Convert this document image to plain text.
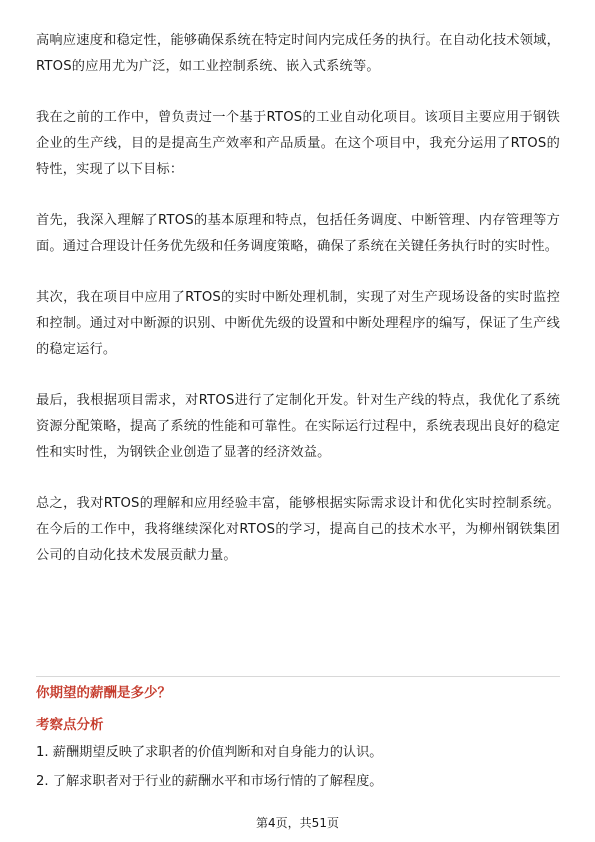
高响应速度和稳定性，能够确保系统在特定时间内完成任务的执行。在自动化技术领域，RTOS的应用尤为广泛，如工业控制系统、嵌入式系统等。

我在之前的工作中，曾负责过一个基于RTOS的工业自动化项目。该项目主要应用于钢铁企业的生产线，目的是提高生产效率和产品质量。在这个项目中，我充分运用了RTOS的特性，实现了以下目标：

首先，我深入理解了RTOS的基本原理和特点，包括任务调度、中断管理、内存管理等方面。通过合理设计任务优先级和任务调度策略，确保了系统在关键任务执行时的实时性。

其次，我在项目中应用了RTOS的实时中断处理机制，实现了对生产现场设备的实时监控和控制。通过对中断源的识别、中断优先级的设置和中断处理程序的编写，保证了生产线的稳定运行。

最后，我根据项目需求，对RTOS进行了定制化开发。针对生产线的特点，我优化了系统资源分配策略，提高了系统的性能和可靠性。在实际运行过程中，系统表现出良好的稳定性和实时性，为钢铁企业创造了显著的经济效益。

总之，我对RTOS的理解和应用经验丰富，能够根据实际需求设计和优化实时控制系统。在今后的工作中，我将继续深化对RTOS的学习，提高自己的技术水平，为柳州钢铁集团公司的自动化技术发展贡献力量。

你期望的薪酬是多少？
考察点分析
1. 薪酬期望反映了求职者的价值判断和对自身能力的认识。
2. 了解求职者对于行业的薪酬水平和市场行情的了解程度。
第4页，共51页
